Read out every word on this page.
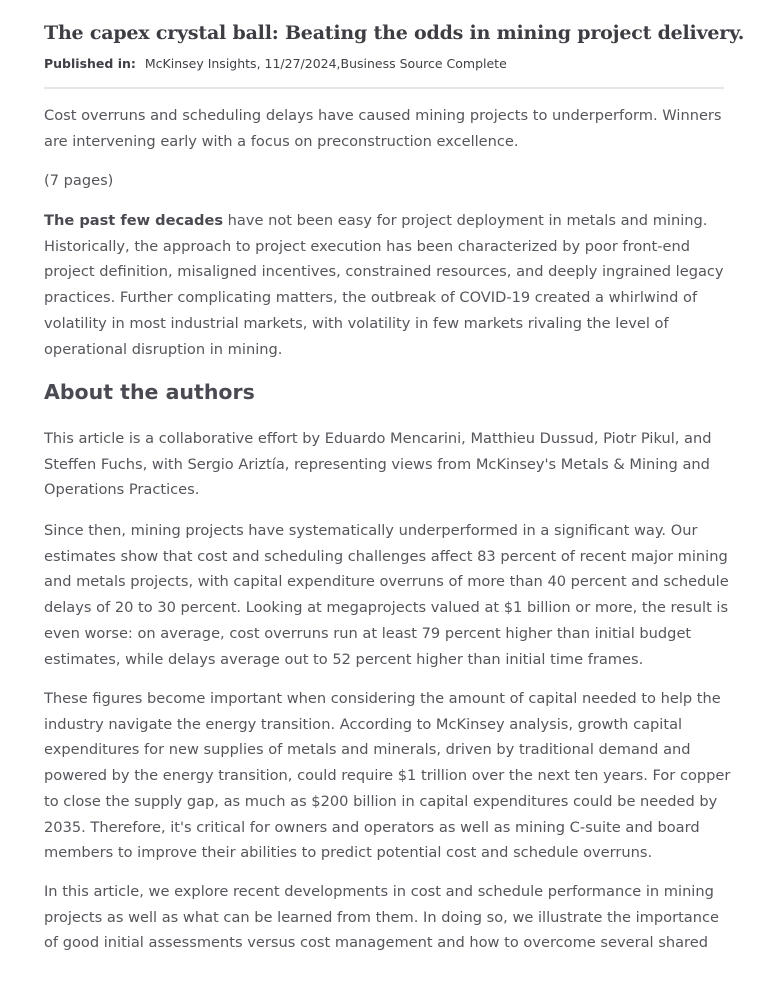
The capex crystal ball: Beating the odds in mining project delivery.
Published in: McKinsey Insights, 11/27/2024,Business Source Complete

Cost overruns and scheduling delays have caused mining projects to underperform. Winners are intervening early with a focus on preconstruction excellence.

(7 pages)

The past few decades have not been easy for project deployment in metals and mining. Historically, the approach to project execution has been characterized by poor front-end project definition, misaligned incentives, constrained resources, and deeply ingrained legacy practices. Further complicating matters, the outbreak of COVID-19 created a whirlwind of volatility in most industrial markets, with volatility in few markets rivaling the level of operational disruption in mining.

About the authors

This article is a collaborative effort by Eduardo Mencarini, Matthieu Dussud, Piotr Pikul, and Steffen Fuchs, with Sergio Ariztía, representing views from McKinsey's Metals & Mining and Operations Practices.

Since then, mining projects have systematically underperformed in a significant way. Our estimates show that cost and scheduling challenges affect 83 percent of recent major mining and metals projects, with capital expenditure overruns of more than 40 percent and schedule delays of 20 to 30 percent. Looking at megaprojects valued at $1 billion or more, the result is even worse: on average, cost overruns run at least 79 percent higher than initial budget estimates, while delays average out to 52 percent higher than initial time frames.

These figures become important when considering the amount of capital needed to help the industry navigate the energy transition. According to McKinsey analysis, growth capital expenditures for new supplies of metals and minerals, driven by traditional demand and powered by the energy transition, could require $1 trillion over the next ten years. For copper to close the supply gap, as much as $200 billion in capital expenditures could be needed by 2035. Therefore, it's critical for owners and operators as well as mining C-suite and board members to improve their abilities to predict potential cost and schedule overruns.

In this article, we explore recent developments in cost and schedule performance in mining projects as well as what can be learned from them. In doing so, we illustrate the importance of good initial assessments versus cost management and how to overcome several shared
